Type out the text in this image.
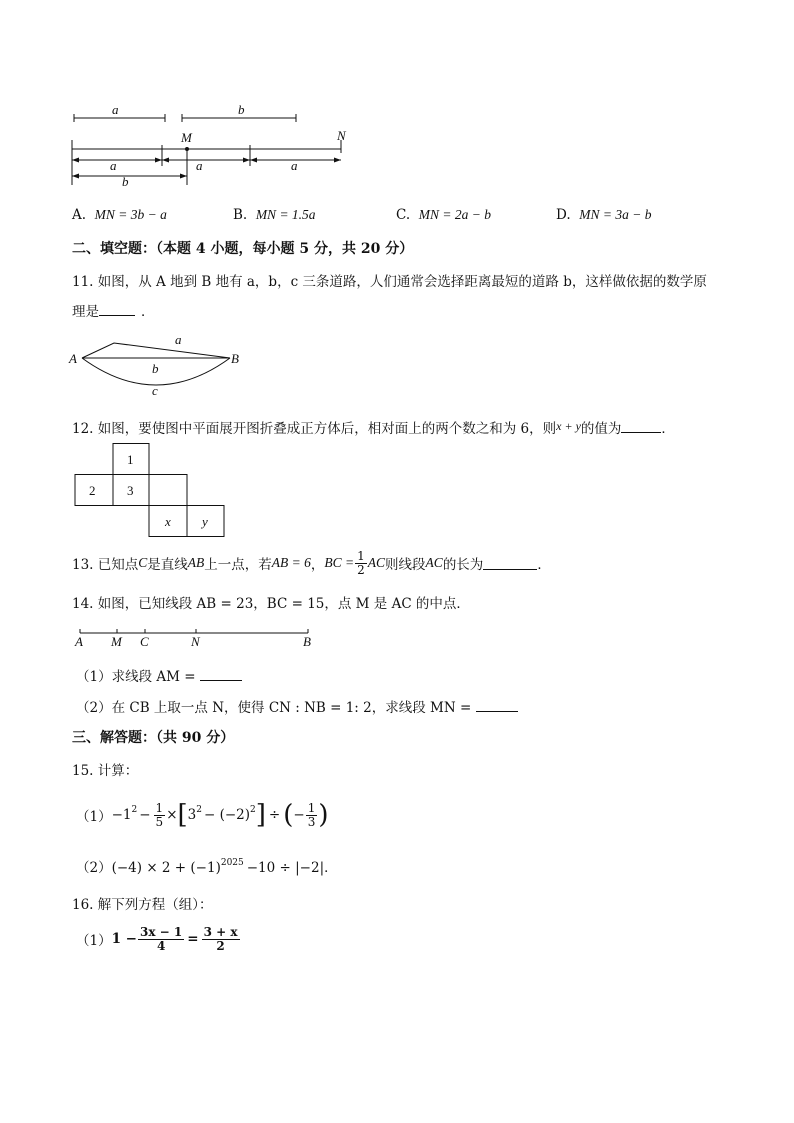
a	b
M	N
a	a	a
b
A. MN = 3b − a	B. MN = 1.5a	C. MN = 2a − b	D. MN = 3a − b
二、填空题：（本题 4 小题，每小题 5 分，共 20 分）
11. 如图，从 A 地到 B 地有 a，b，c 三条道路，人们通常会选择距离最短的道路 b，这样做依据的数学原
理是	．
A	B
a
b
c
12. 如图，要使图中平面展开图折叠成正方体后，相对面上的两个数之和为 6，则x + y的值为	．
1
2 3
x y
13. 已知点 C 是直线 AB 上一点，若 AB = 6 ， BC = $\frac{1}{2}$ AC 则线段 AC 的长为	．
14. 如图，已知线段 AB = 23，BC = 15，点 M 是 AC 的中点．
A M C	N	B
（1）求线段 AM =
（2）在 CB 上取一点 N，使得 CN : NB = 1: 2，求线段 MN =
三、解答题：（共 90 分）
15. 计算：
$(1) -1^2 - \frac{1}{5}$ × [ $3^2 - (-2)^2$ ] ÷ ( − $\frac{1}{3}$ )
$(2)(-4) \times 2 + (-1)^{2025} -10 \div |-2|$．
16. 解下列方程（组）：
（1） $1 - \frac{3x - 1}{4} = \frac{3 + x}{2}$
